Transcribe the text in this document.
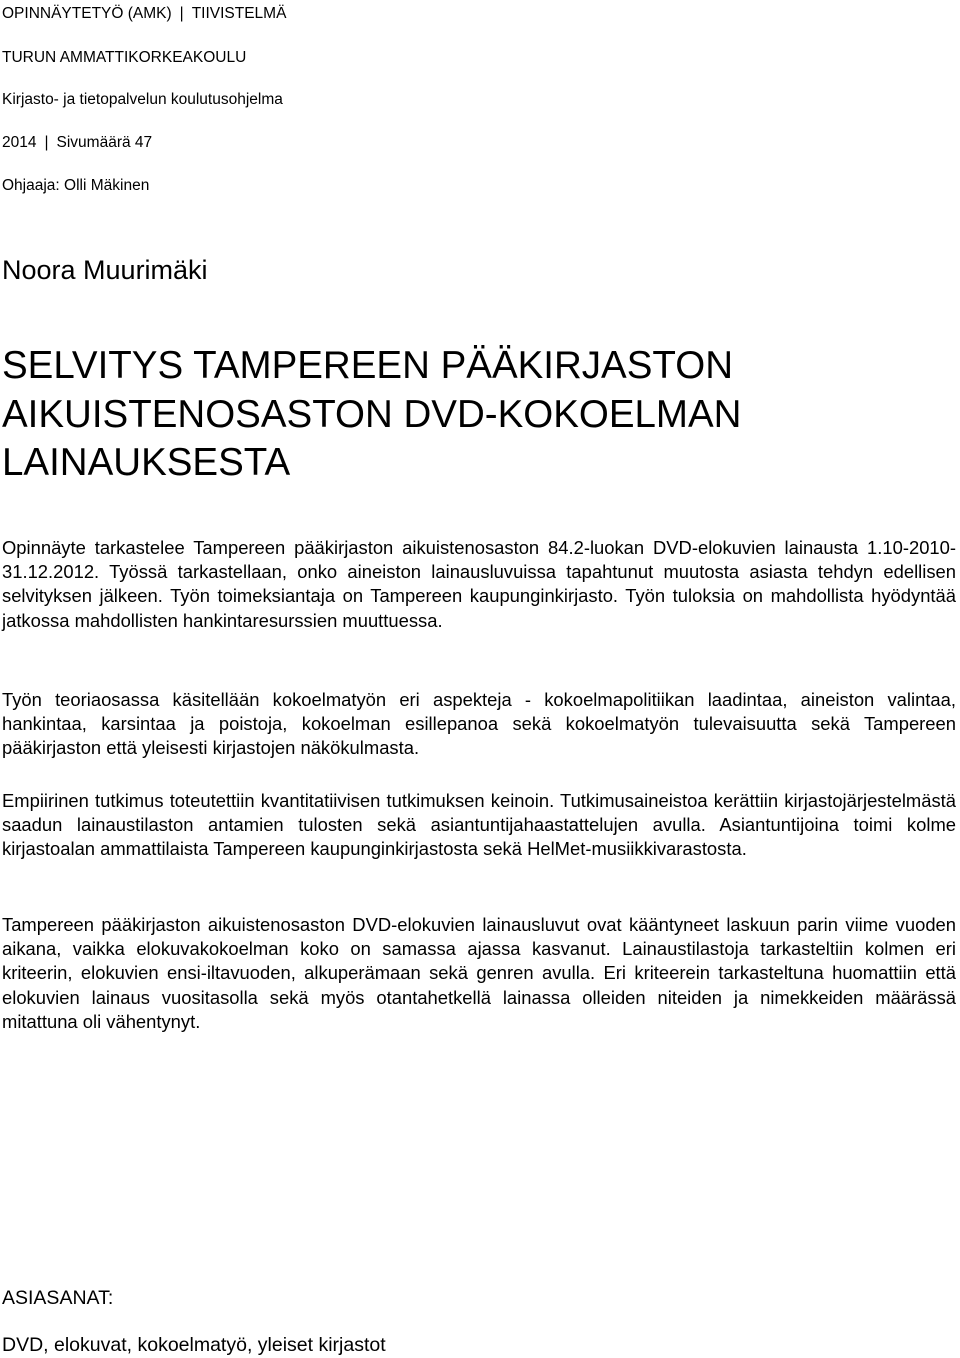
OPINNÄYTETYÖ (AMK) | TIIVISTELMÄ
TURUN AMMATTIKORKEAKOULU
Kirjasto- ja tietopalvelun koulutusohjelma
2014 | Sivumäärä 47
Ohjaaja: Olli Mäkinen
Noora Muurimäki
SELVITYS TAMPEREEN PÄÄKIRJASTON
AIKUISTENOSASTON DVD-KOKOELMAN
LAINAUKSESTA

Opinnäyte tarkastelee Tampereen pääkirjaston aikuistenosaston 84.2-luokan DVD-elokuvien lainausta 1.10-2010-31.12.2012. Työssä tarkastellaan, onko aineiston lainausluvuissa tapahtunut muutosta asiasta tehdyn edellisen selvityksen jälkeen. Työn toimeksiantaja on Tampereen kaupunginkirjasto. Työn tuloksia on mahdollista hyödyntää jatkossa mahdollisten hankintaresurssien muuttuessa.

Työn teoriaosassa käsitellään kokoelmatyön eri aspekteja - kokoelmapolitiikan laadintaa, aineiston valintaa, hankintaa, karsintaa ja poistoja, kokoelman esillepanoa sekä kokoelmatyön tulevaisuutta sekä Tampereen pääkirjaston että yleisesti kirjastojen näkökulmasta.

Empiirinen tutkimus toteutettiin kvantitatiivisen tutkimuksen keinoin. Tutkimusaineistoa kerättiin kirjastojärjestelmästä saadun lainaustilaston antamien tulosten sekä asiantuntijahaastattelujen avulla. Asiantuntijoina toimi kolme kirjastoalan ammattilaista Tampereen kaupunginkirjastosta sekä HelMet-musiikkivarastosta.

Tampereen pääkirjaston aikuistenosaston DVD-elokuvien lainausluvut ovat kääntyneet laskuun parin viime vuoden aikana, vaikka elokuvakokoelman koko on samassa ajassa kasvanut. Lainaustilastoja tarkasteltiin kolmen eri kriteerin, elokuvien ensi-iltavuoden, alkuperämaan sekä genren avulla. Eri kriteerein tarkasteltuna huomattiin että elokuvien lainaus vuositasolla sekä myös otantahetkellä lainassa olleiden niteiden ja nimekkeiden määrässä mitattuna oli vähentynyt.

ASIASANAT:
DVD, elokuvat, kokoelmatyö, yleiset kirjastot
